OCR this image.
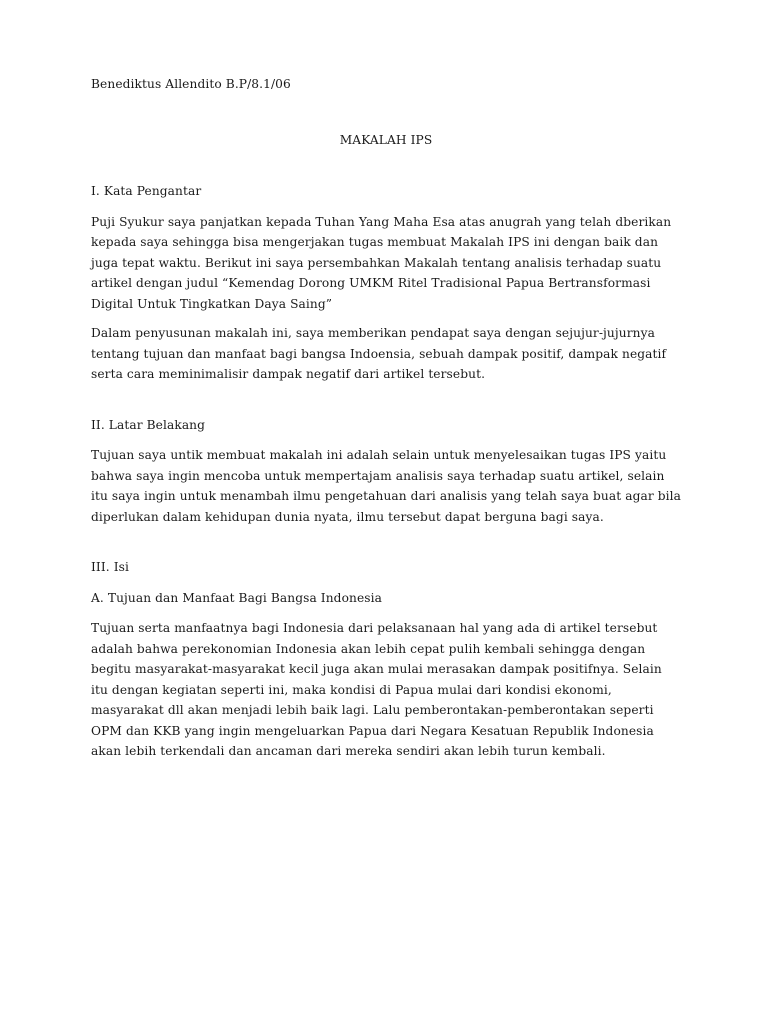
Benediktus Allendito B.P/8.1/06

MAKALAH IPS

I. Kata Pengantar

Puji Syukur saya panjatkan kepada Tuhan Yang Maha Esa atas anugrah yang telah dberikan kepada saya sehingga bisa mengerjakan tugas membuat Makalah IPS ini dengan baik dan juga tepat waktu. Berikut ini saya persembahkan Makalah tentang analisis terhadap suatu artikel dengan judul “Kemendag Dorong UMKM Ritel Tradisional Papua Bertransformasi Digital Untuk Tingkatkan Daya Saing”

Dalam penyusunan makalah ini, saya memberikan pendapat saya dengan sejujur-jujurnya tentang tujuan dan manfaat bagi bangsa Indoensia, sebuah dampak positif, dampak negatif serta cara meminimalisir dampak negatif dari artikel tersebut.

II. Latar Belakang

Tujuan saya untik membuat makalah ini adalah selain untuk menyelesaikan tugas IPS yaitu bahwa saya ingin mencoba untuk mempertajam analisis saya terhadap suatu artikel, selain itu saya ingin untuk menambah ilmu pengetahuan dari analisis yang telah saya buat agar bila diperlukan dalam kehidupan dunia nyata, ilmu tersebut dapat berguna bagi saya.

III. Isi

A. Tujuan dan Manfaat Bagi Bangsa Indonesia

Tujuan serta manfaatnya bagi Indonesia dari pelaksanaan hal yang ada di artikel tersebut adalah bahwa perekonomian Indonesia akan lebih cepat pulih kembali sehingga dengan begitu masyarakat-masyarakat kecil juga akan mulai merasakan dampak positifnya. Selain itu dengan kegiatan seperti ini, maka kondisi di Papua mulai dari kondisi ekonomi, masyarakat dll akan menjadi lebih baik lagi. Lalu pemberontakan-pemberontakan seperti OPM dan KKB yang ingin mengeluarkan Papua dari Negara Kesatuan Republik Indonesia akan lebih terkendali dan ancaman dari mereka sendiri akan lebih turun kembali.
